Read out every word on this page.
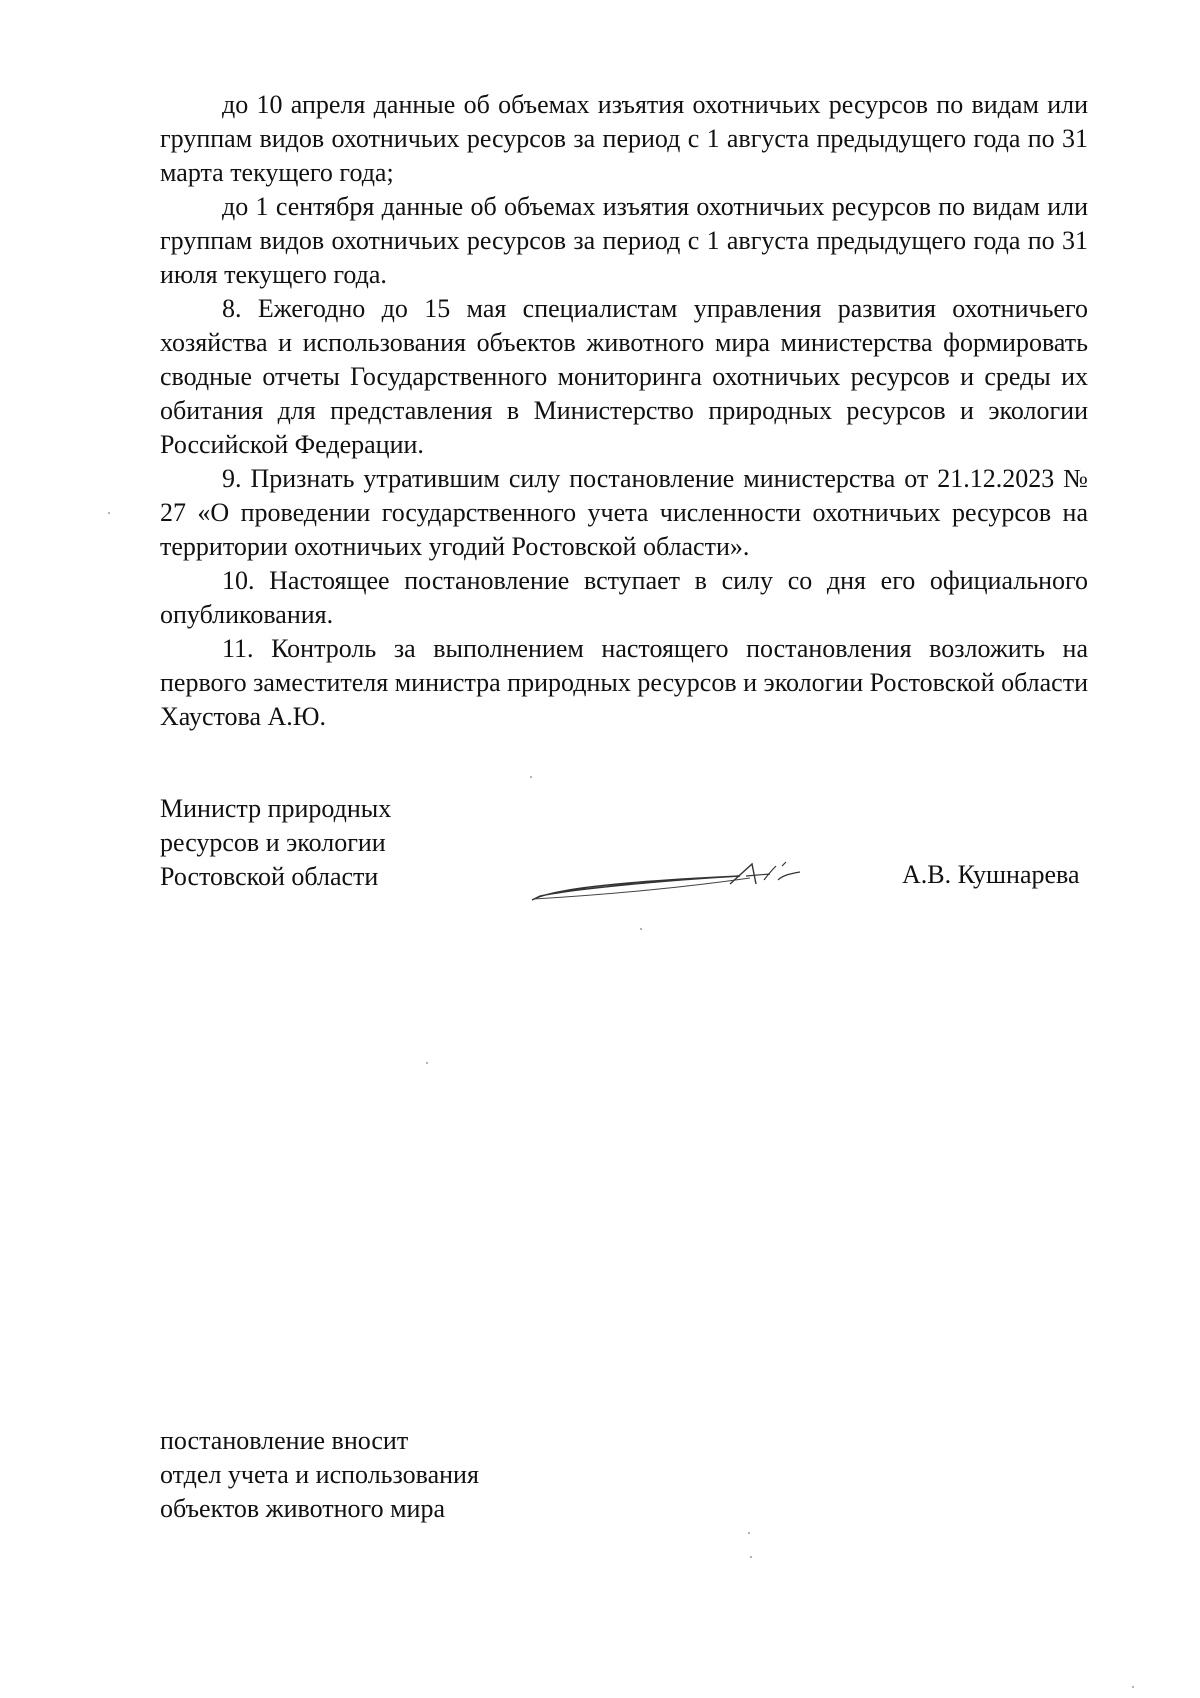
до 10 апреля данные об объемах изъятия охотничьих ресурсов по видам или группам видов охотничьих ресурсов за период с 1 августа предыдущего года по 31 марта текущего года;

до 1 сентября данные об объемах изъятия охотничьих ресурсов по видам или группам видов охотничьих ресурсов за период с 1 августа предыдущего года по 31 июля текущего года.

8. Ежегодно до 15 мая специалистам управления развития охотничьего хозяйства и использования объектов животного мира министерства формировать сводные отчеты Государственного мониторинга охотничьих ресурсов и среды их обитания для представления в Министерство природных ресурсов и экологии Российской Федерации.

9. Признать утратившим силу постановление министерства от 21.12.2023 № 27 «О проведении государственного учета численности охотничьих ресурсов на территории охотничьих угодий Ростовской области».

10. Настоящее постановление вступает в силу со дня его официального опубликования.

11. Контроль за выполнением настоящего постановления возложить на первого заместителя министра природных ресурсов и экологии Ростовской области Хаустова А.Ю.

Министр природных
ресурсов и экологии
Ростовской области	А.В. Кушнарева
постановление вносит
отдел учета и использования
объектов животного мира
